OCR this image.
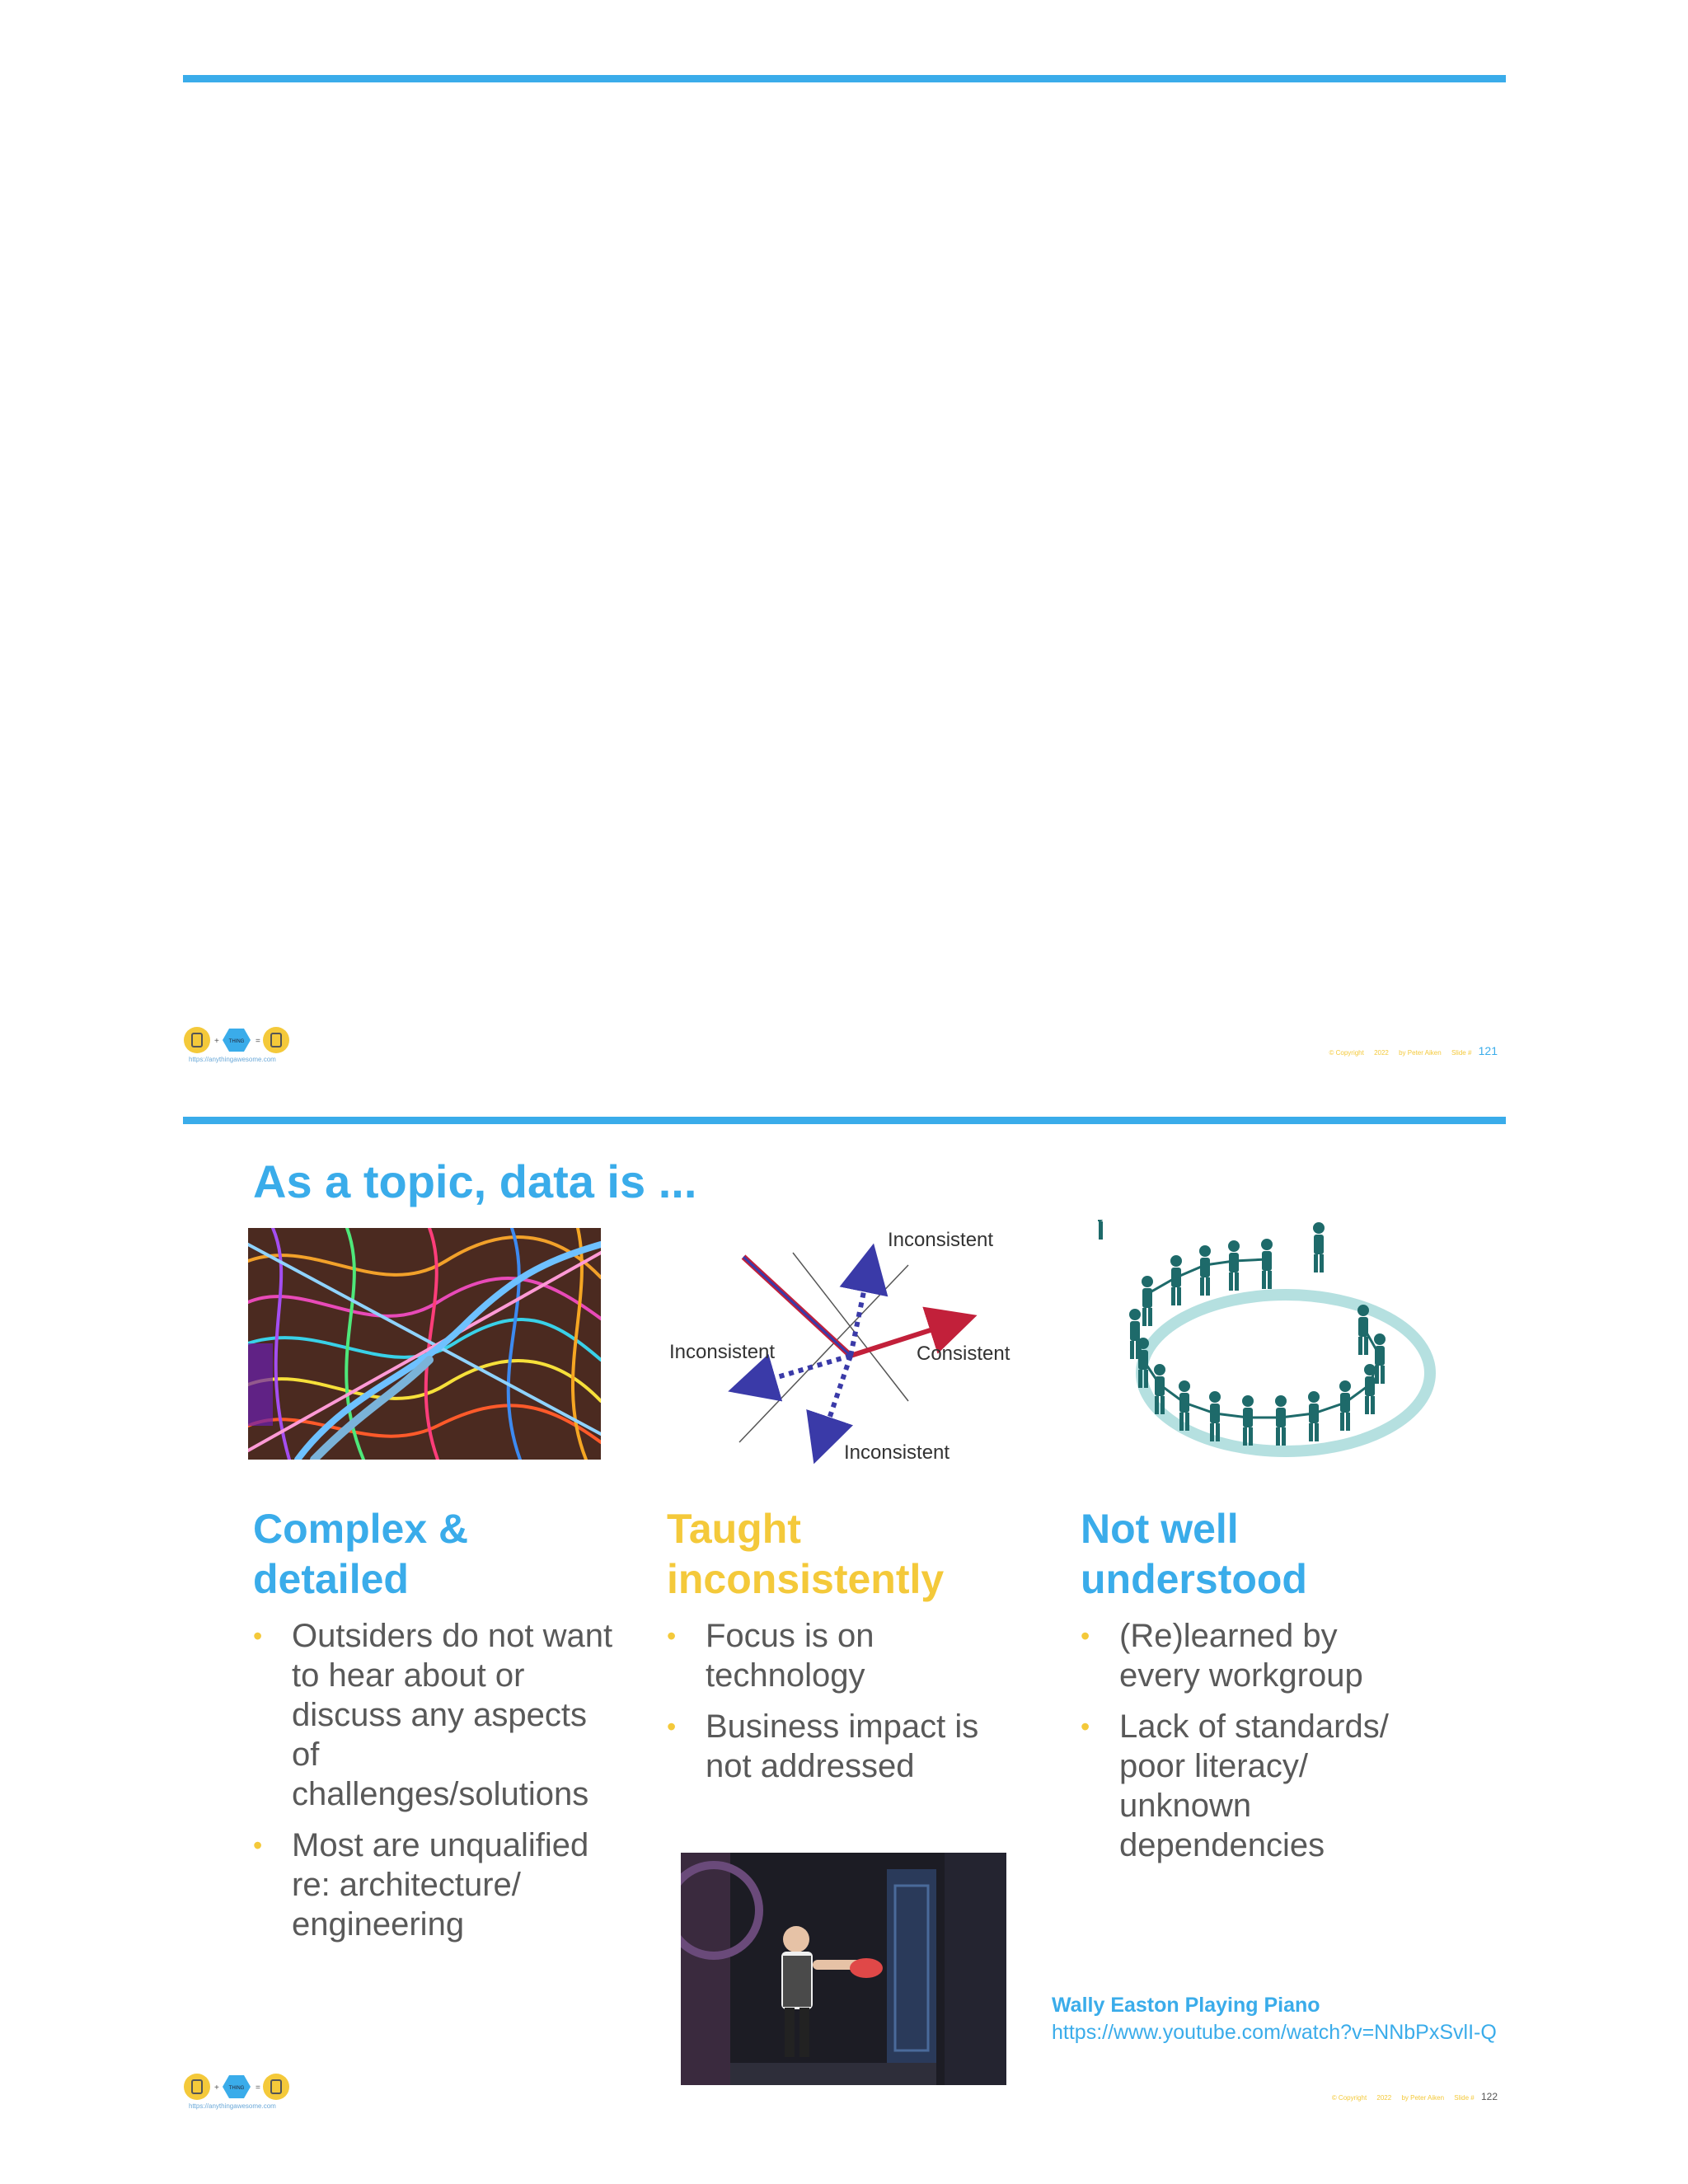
+ THING =
https://anythingawesome.com
© Copyright 2022 by Peter Aiken Slide # 121
As a topic, data is ...
Inconsistent
Inconsistent	Consistent
Inconsistent
Complex &
detailed
• Outsiders do not want to hear about or discuss any aspects of challenges/solutions
• Most are unqualified re: architecture/ engineering
Taught
inconsistently
• Focus is on technology
• Business impact is not addressed
Not well
understood
• (Re)learned by every workgroup
• Lack of standards/ poor literacy/ unknown dependencies
Wally Easton Playing Piano
https://www.youtube.com/watch?v=NNbPxSvlI-Q
+ THING =
https://anythingawesome.com
© Copyright 2022 by Peter Aiken Slide # 122
